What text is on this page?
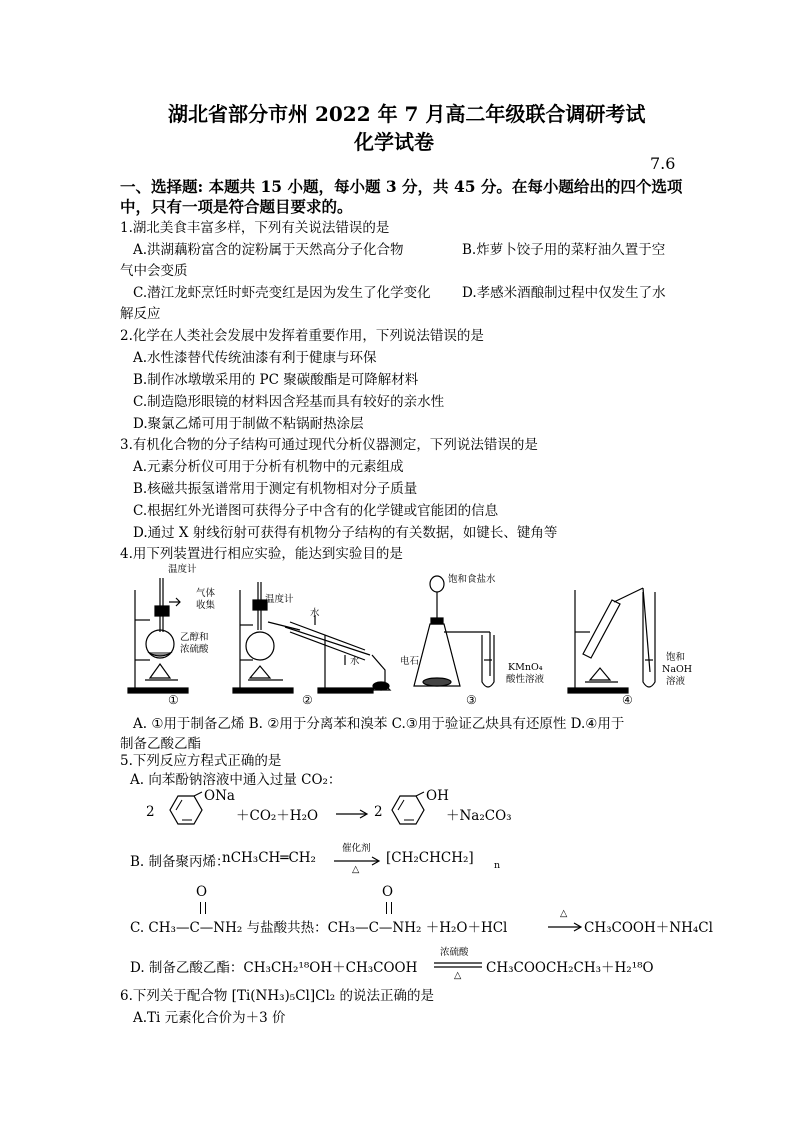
湖北省部分市州 2022 年 7 月高二年级联合调研考试
化学试卷
7.6
一、选择题: 本题共 15 小题，每小题 3 分，共 45 分。在每小题给出的四个选项
中，只有一项是符合题目要求的。
1.湖北美食丰富多样，下列有关说法错误的是
A.洪湖藕粉富含的淀粉属于天然高分子化合物	B.炸萝卜饺子用的菜籽油久置于空
气中会变质
C.潜江龙虾烹饪时虾壳变红是因为发生了化学变化 D.孝感米酒酿制过程中仅发生了水
解反应
2.化学在人类社会发展中发挥着重要作用，下列说法错误的是
A.水性漆替代传统油漆有利于健康与环保
B.制作冰墩墩采用的 PC 聚碳酸酯是可降解材料
C.制造隐形眼镜的材料因含羟基而具有较好的亲水性
D.聚氯乙烯可用于制做不粘锅耐热涂层
3.有机化合物的分子结构可通过现代分析仪器测定，下列说法错误的是
A.元素分析仪可用于分析有机物中的元素组成
B.核磁共振氢谱常用于测定有机物相对分子质量
C.根据红外光谱图可获得分子中含有的化学键或官能团的信息
D.通过 X 射线衍射可获得有机物分子结构的有关数据，如键长、键角等
4.用下列装置进行相应实验，能达到实验目的是
温度计
气体
收集
乙醇和
浓硫酸
温度计
水
水
饱和食盐水
电石
KMnO₄
酸性溶液
饱和
NaOH
溶液
①	②	③	④
A. ①用于制备乙烯 B. ②用于分离苯和溴苯 C.③用于验证乙炔具有还原性 D.④用于
制备乙酸乙酯
5.下列反应方程式正确的是
A. 向苯酚钠溶液中通入过量 CO₂：
2
ONa
＋CO₂＋H₂O → 2
OH
＋Na₂CO₃
B. 制备聚丙烯：
nCH₃CH═CH₂
催化剂
△
[CH₂CHCH₂] n
O	O
C. CH₃—C—NH₂ 与盐酸共热：CH₃—C—NH₂ ＋H₂O＋HCl
△
CH₃COOH＋NH₄Cl
D. 制备乙酸乙酯：CH₃CH₂¹⁸OH＋CH₃COOH
浓硫酸
△ CH₃COOCH₂CH₃＋H₂¹⁸O
6.下列关于配合物 [Ti(NH₃)₅Cl]Cl₂ 的说法正确的是
A.Ti 元素化合价为＋3 价
